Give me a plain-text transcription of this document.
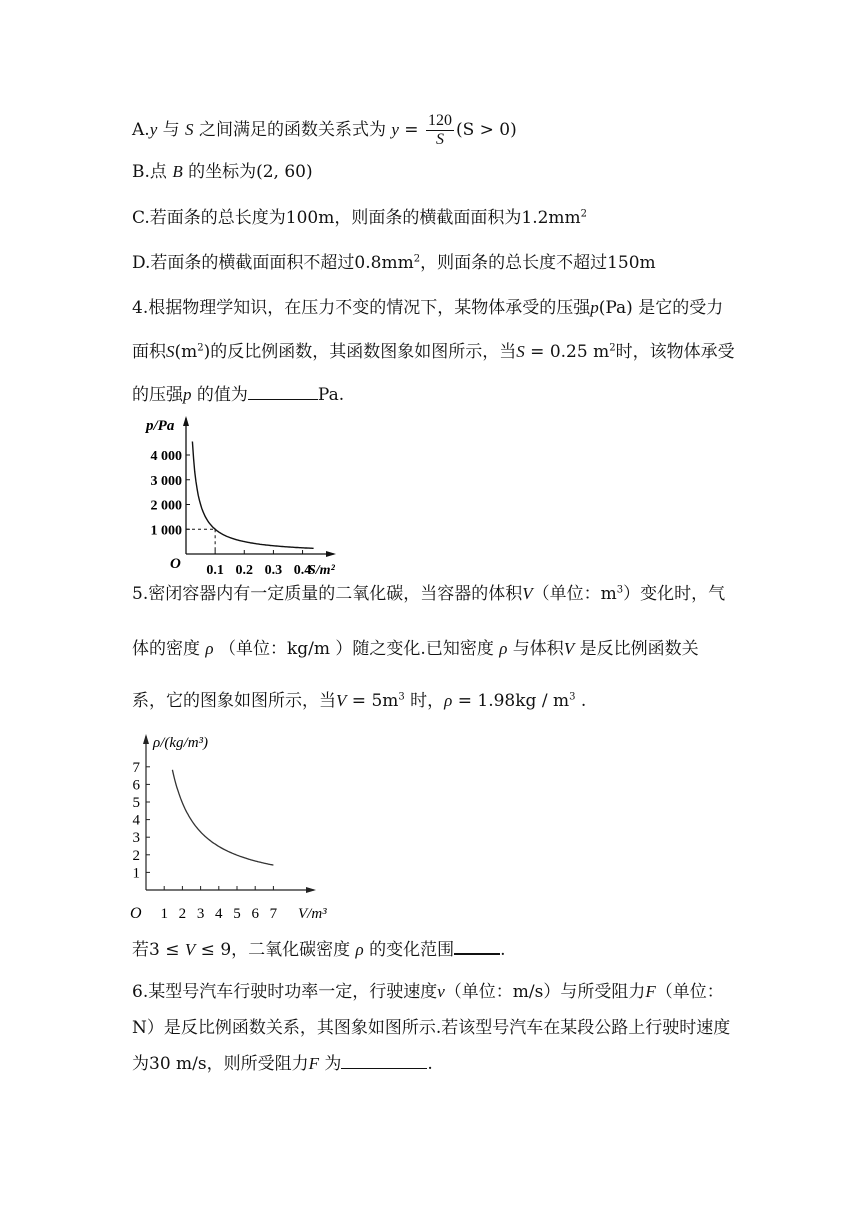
A.y 与 S 之间满足的函数关系式为 $y = \frac{120}{S} (S > 0)$
B.点 B 的坐标为(2, 60)
C.若面条的总长度为100m，则面条的横截面面积为$1.2mm^2$
D.若面条的横截面面积不超过$0.8mm^2$，则面条的总长度不超过150m
4.根据物理学知识，在压力不变的情况下，某物体承受的压强p(Pa) 是它的受力
面积$S(m^2)$的反比例函数，其函数图象如图所示，当S = 0.25 $m^2$时，该物体承受
的压强p 的值为	Pa.
p/Pa
S/m²
O
1 000
2 000
3 000
4 000
0.1 0.2 0.3 0.4
5.密闭容器内有一定质量的二氧化碳，当容器的体积V（单位：$m^3$）变化时，气
体的密度 ρ （单位：kg/m ）随之变化.已知密度 ρ 与体积V 是反比例函数关
系，它的图象如图所示，当$V = 5m^3$ 时，$\rho = 1.98kg / m^3$ .
ρ/(kg/m³)
V/m³
O
1
1
2
2
3
3
4
4
5
5
6
6
7
7
若3 ≤ V ≤ 9，二氧化碳密度 ρ 的变化范围	.
6.某型号汽车行驶时功率一定，行驶速度v（单位：m/s）与所受阻力F（单位：
N）是反比例函数关系，其图象如图所示.若该型号汽车在某段公路上行驶时速度
为30 m/s，则所受阻力F 为	.
